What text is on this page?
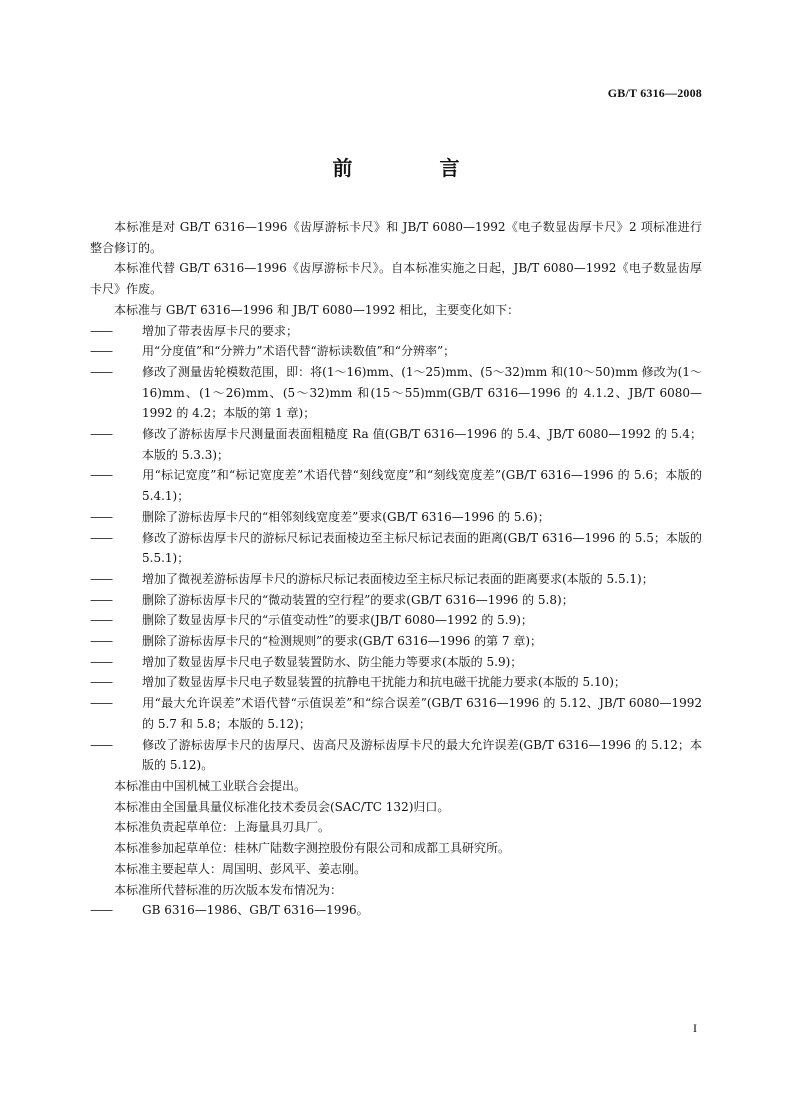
GB/T 6316—2008
前 言

本标准是对 GB/T 6316—1996《齿厚游标卡尺》和 JB/T 6080—1992《电子数显齿厚卡尺》2 项标准进行整合修订的。

本标准代替 GB/T 6316—1996《齿厚游标卡尺》。自本标准实施之日起，JB/T 6080—1992《电子数显齿厚卡尺》作废。

本标准与 GB/T 6316—1996 和 JB/T 6080—1992 相比，主要变化如下：

——	增加了带表齿厚卡尺的要求；

——	用“分度值”和“分辨力”术语代替“游标读数值”和“分辨率”；

——	修改了测量齿轮模数范围，即：将(1～16)mm、(1～25)mm、(5～32)mm 和(10～50)mm 修改为(1～16)mm、(1～26)mm、(5～32)mm 和(15～55)mm(GB/T 6316—1996 的 4.1.2、JB/T 6080—1992 的 4.2；本版的第 1 章)；

——	修改了游标齿厚卡尺测量面表面粗糙度 Ra 值(GB/T 6316—1996 的 5.4、JB/T 6080—1992 的 5.4；本版的 5.3.3)；

——	用“标记宽度”和“标记宽度差”术语代替“刻线宽度”和“刻线宽度差”(GB/T 6316—1996 的 5.6；本版的 5.4.1)；

——	删除了游标齿厚卡尺的“相邻刻线宽度差”要求(GB/T 6316—1996 的 5.6)；

——	修改了游标齿厚卡尺的游标尺标记表面棱边至主标尺标记表面的距离(GB/T 6316—1996 的 5.5；本版的 5.5.1)；

——	增加了微视差游标齿厚卡尺的游标尺标记表面棱边至主标尺标记表面的距离要求(本版的 5.5.1)；

——	删除了游标齿厚卡尺的“微动装置的空行程”的要求(GB/T 6316—1996 的 5.8)；

——	删除了数显齿厚卡尺的“示值变动性”的要求(JB/T 6080—1992 的 5.9)；

——	删除了游标齿厚卡尺的“检测规则”的要求(GB/T 6316—1996 的第 7 章)；

——	增加了数显齿厚卡尺电子数显装置防水、防尘能力等要求(本版的 5.9)；

——	增加了数显齿厚卡尺电子数显装置的抗静电干扰能力和抗电磁干扰能力要求(本版的 5.10)；

——	用“最大允许误差”术语代替“示值误差”和“综合误差”(GB/T 6316—1996 的 5.12、JB/T 6080—1992 的 5.7 和 5.8；本版的 5.12)；

——	修改了游标齿厚卡尺的齿厚尺、齿高尺及游标齿厚卡尺的最大允许误差(GB/T 6316—1996 的 5.12；本版的 5.12)。

本标准由中国机械工业联合会提出。

本标准由全国量具量仪标准化技术委员会(SAC/TC 132)归口。

本标准负责起草单位：上海量具刃具厂。

本标准参加起草单位：桂林广陆数字测控股份有限公司和成都工具研究所。

本标准主要起草人：周国明、彭风平、姜志刚。

本标准所代替标准的历次版本发布情况为：

——	GB 6316—1986、GB/T 6316—1996。

I
